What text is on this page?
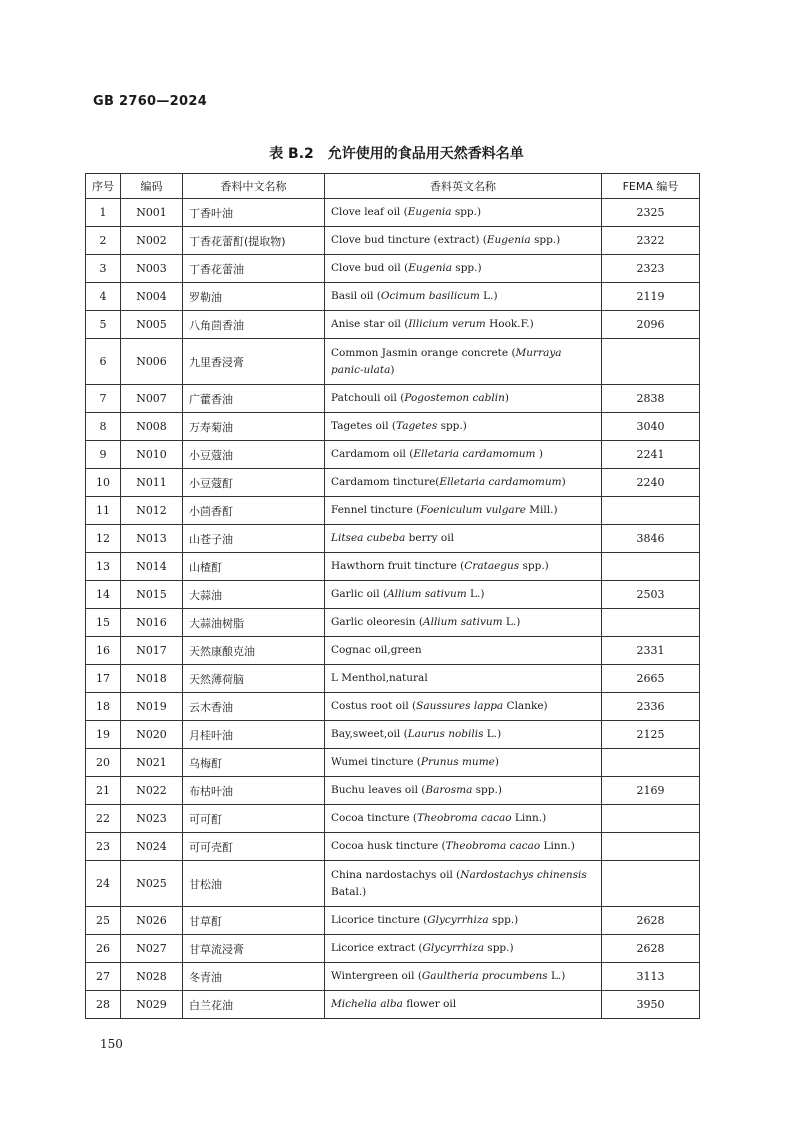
GB 2760—2024
表 B.2　允许使用的食品用天然香料名单
序号	编码	香料中文名称	香料英文名称	FEMA 编号
1	N001	丁香叶油	Clove leaf oil (Eugenia spp.)	2325
2	N002	丁香花蕾酊(提取物)	Clove bud tincture (extract) (Eugenia spp.)	2322
3	N003	丁香花蕾油	Clove bud oil (Eugenia spp.)	2323
4	N004	罗勒油	Basil oil (Ocimum basilicum L.)	2119
5	N005	八角茴香油	Anise star oil (Illicium verum Hook.F.)	2096
6	N006	九里香浸膏	Common Jasmin orange concrete (Murraya panic-ulata)	
7	N007	广藿香油	Patchouli oil (Pogostemon cablin)	2838
8	N008	万寿菊油	Tagetes oil (Tagetes spp.)	3040
9	N010	小豆蔻油	Cardamom oil (Elletaria cardamomum )	2241
10	N011	小豆蔻酊	Cardamom tincture(Elletaria cardamomum)	2240
11	N012	小茴香酊	Fennel tincture (Foeniculum vulgare Mill.)	
12	N013	山苍子油	Litsea cubeba berry oil	3846
13	N014	山楂酊	Hawthorn fruit tincture (Crataegus spp.)	
14	N015	大蒜油	Garlic oil (Allium sativum L.)	2503
15	N016	大蒜油树脂	Garlic oleoresin (Allium sativum L.)	
16	N017	天然康酿克油	Cognac oil,green	2331
17	N018	天然薄荷脑	L Menthol,natural	2665
18	N019	云木香油	Costus root oil (Saussures lappa Clanke)	2336
19	N020	月桂叶油	Bay,sweet,oil (Laurus nobilis L.)	2125
20	N021	乌梅酊	Wumei tincture (Prunus mume)	
21	N022	布枯叶油	Buchu leaves oil (Barosma spp.)	2169
22	N023	可可酊	Cocoa tincture (Theobroma cacao Linn.)	
23	N024	可可壳酊	Cocoa husk tincture (Theobroma cacao Linn.)	
24	N025	甘松油	China nardostachys oil (Nardostachys chinensis Batal.)	
25	N026	甘草酊	Licorice tincture (Glycyrrhiza spp.)	2628
26	N027	甘草流浸膏	Licorice extract (Glycyrrhiza spp.)	2628
27	N028	冬青油	Wintergreen oil (Gaultheria procumbens L.)	3113
28	N029	白兰花油	Michelia alba flower oil	3950
150
